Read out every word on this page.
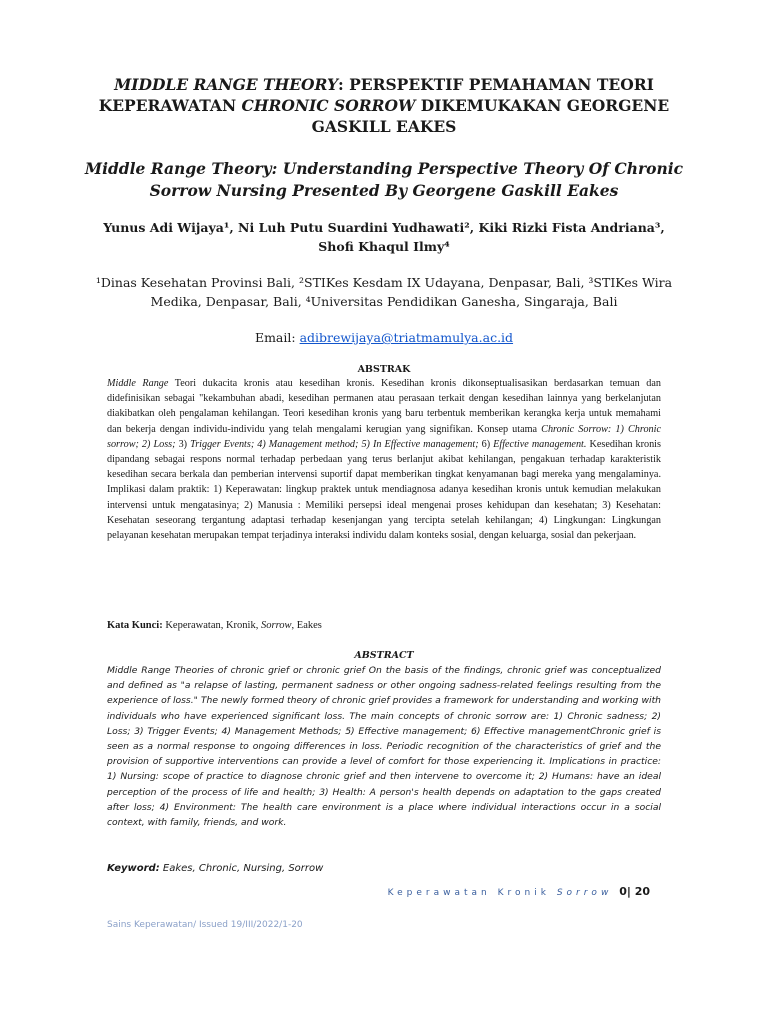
MIDDLE RANGE THEORY: PERSPEKTIF PEMAHAMAN TEORI KEPERAWATAN CHRONIC SORROW DIKEMUKAKAN GEORGENE GASKILL EAKES
Middle Range Theory: Understanding Perspective Theory Of Chronic Sorrow Nursing Presented By Georgene Gaskill Eakes
Yunus Adi Wijaya¹, Ni Luh Putu Suardini Yudhawati², Kiki Rizki Fista Andriana³, Shofi Khaqul Ilmy⁴
¹Dinas Kesehatan Provinsi Bali, ²STIKes Kesdam IX Udayana, Denpasar, Bali, ³STIKes Wira Medika, Denpasar, Bali, ⁴Universitas Pendidikan Ganesha, Singaraja, Bali
Email: adibrewijaya@triatmamulya.ac.id
ABSTRAK
Middle Range Teori dukacita kronis atau kesedihan kronis. Kesedihan kronis dikonseptualisasikan berdasarkan temuan dan didefinisikan sebagai "kekambuhan abadi, kesedihan permanen atau perasaan terkait dengan kesedihan lainnya yang berkelanjutan diakibatkan oleh pengalaman kehilangan. Teori kesedihan kronis yang baru terbentuk memberikan kerangka kerja untuk memahami dan bekerja dengan individu-individu yang telah mengalami kerugian yang signifikan. Konsep utama Chronic Sorrow: 1) Chronic sorrow; 2) Loss; 3) Trigger Events; 4) Management method; 5) In Effective management; 6) Effective management. Kesedihan kronis dipandang sebagai respons normal terhadap perbedaan yang terus berlanjut akibat kehilangan, pengakuan terhadap karakteristik kesedihan secara berkala dan pemberian intervensi suportif dapat memberikan tingkat kenyamanan bagi mereka yang mengalaminya. Implikasi dalam praktik: 1) Keperawatan: lingkup praktek untuk mendiagnosa adanya kesedihan kronis untuk kemudian melakukan intervensi untuk mengatasinya; 2) Manusia : Memiliki persepsi ideal mengenai proses kehidupan dan kesehatan; 3) Kesehatan: Kesehatan seseorang tergantung adaptasi terhadap kesenjangan yang tercipta setelah kehilangan; 4) Lingkungan: Lingkungan pelayanan kesehatan merupakan tempat terjadinya interaksi individu dalam konteks sosial, dengan keluarga, sosial dan pekerjaan.
Kata Kunci: Keperawatan, Kronik, Sorrow, Eakes
ABSTRACT
Middle Range Theories of chronic grief or chronic grief On the basis of the findings, chronic grief was conceptualized and defined as "a relapse of lasting, permanent sadness or other ongoing sadness-related feelings resulting from the experience of loss." The newly formed theory of chronic grief provides a framework for understanding and working with individuals who have experienced significant loss. The main concepts of chronic sorrow are: 1) Chronic sadness; 2) Loss; 3) Trigger Events; 4) Management Methods; 5) Effective management; 6) Effective managementChronic grief is seen as a normal response to ongoing differences in loss. Periodic recognition of the characteristics of grief and the provision of supportive interventions can provide a level of comfort for those experiencing it. Implications in practice: 1) Nursing: scope of practice to diagnose chronic grief and then intervene to overcome it; 2) Humans: have an ideal perception of the process of life and health; 3) Health: A person's health depends on adaptation to the gaps created after loss; 4) Environment: The health care environment is a place where individual interactions occur in a social context, with family, friends, and work.
Keyword: Eakes, Chronic, Nursing, Sorrow
Keperawatan Kronik Sorrow 0| 20
Sains Keperawatan/ Issued 19/III/2022/1-20
